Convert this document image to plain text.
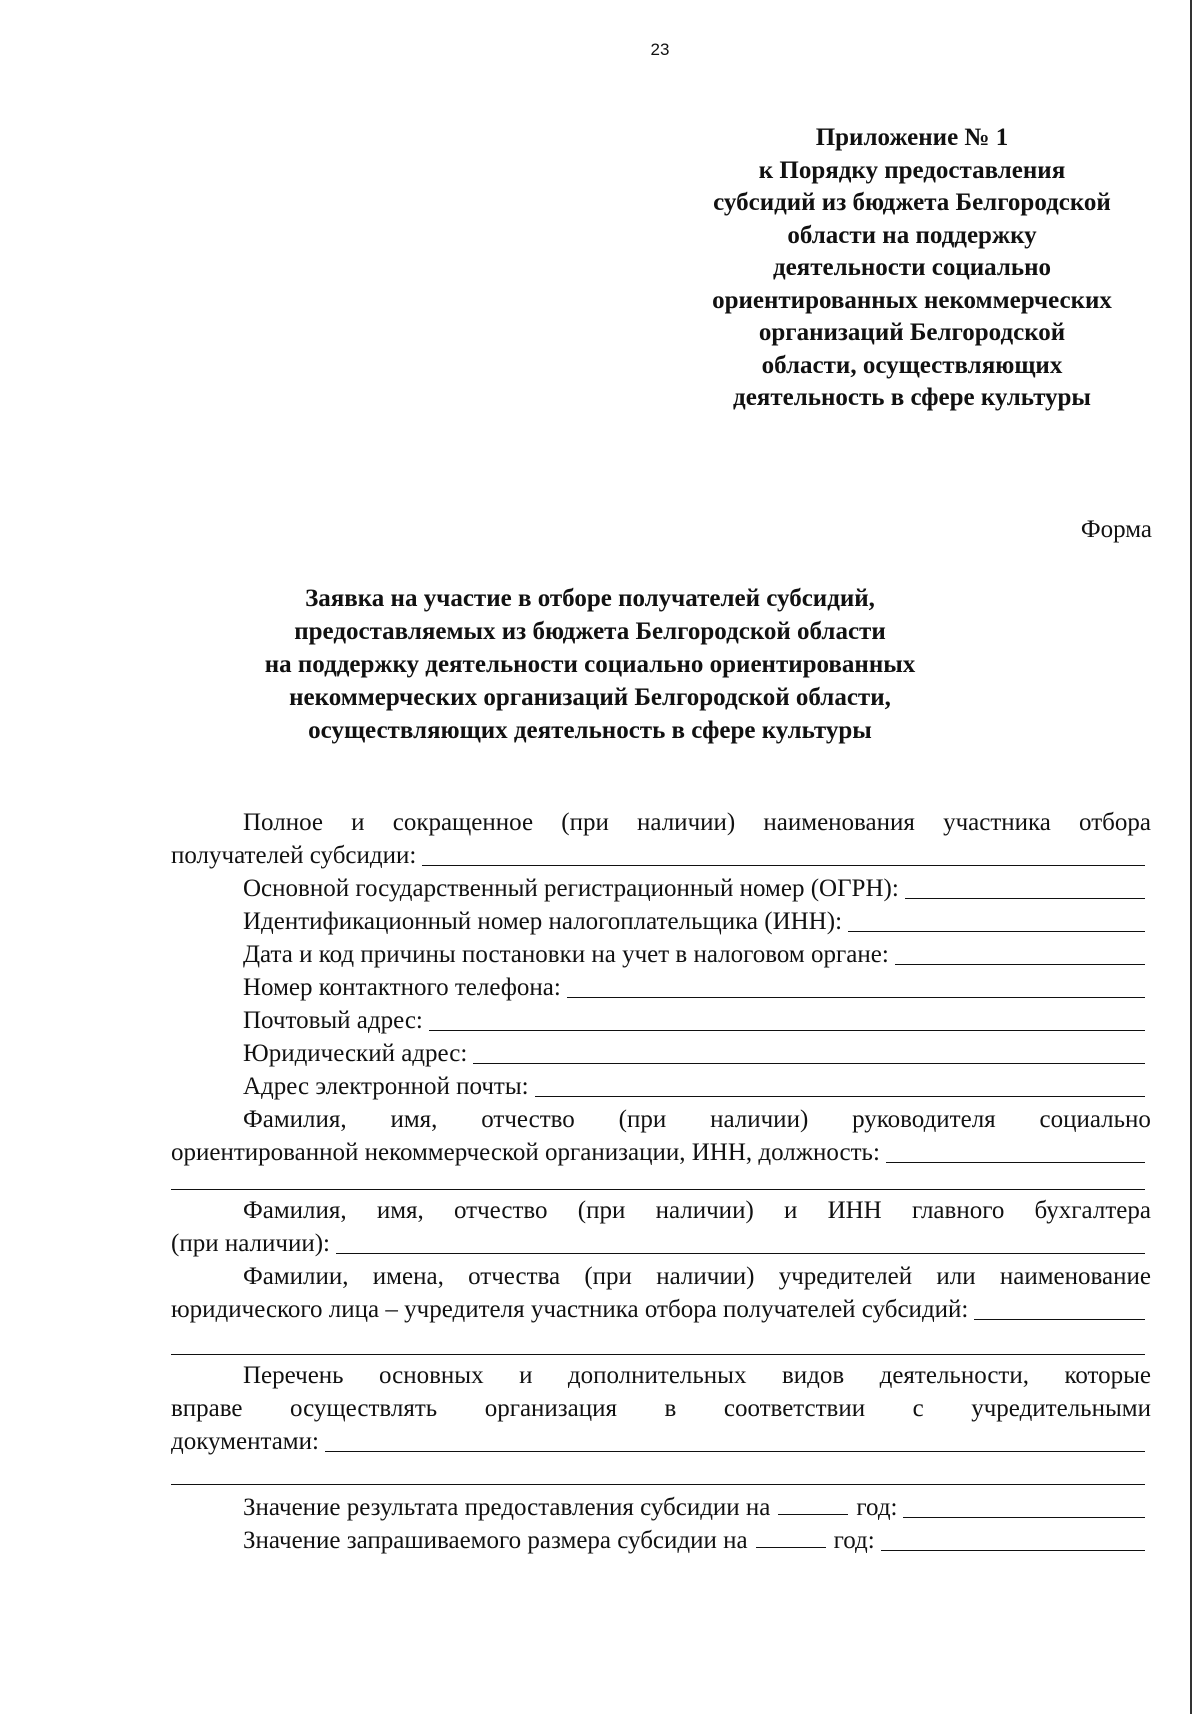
23
Приложение № 1
к Порядку предоставления
субсидий из бюджета Белгородской
области на поддержку
деятельности социально
ориентированных некоммерческих
организаций Белгородской
области, осуществляющих
деятельность в сфере культуры
Форма
Заявка на участие в отборе получателей субсидий,
предоставляемых из бюджета Белгородской области
на поддержку деятельности социально ориентированных
некоммерческих организаций Белгородской области,
осуществляющих деятельность в сфере культуры
Полное и сокращенное (при наличии) наименования участника отбора
получателей субсидии:
Основной государственный регистрационный номер (ОГРН):
Идентификационный номер налогоплательщика (ИНН):
Дата и код причины постановки на учет в налоговом органе:
Номер контактного телефона:
Почтовый адрес:
Юридический адрес:
Адрес электронной почты:
Фамилия, имя, отчество (при наличии) руководителя социально
ориентированной некоммерческой организации, ИНН, должность:
Фамилия, имя, отчество (при наличии) и ИНН главного бухгалтера
(при наличии):
Фамилии, имена, отчества (при наличии) учредителей или наименование
юридического лица – учредителя участника отбора получателей субсидий:
Перечень основных и дополнительных видов деятельности, которые
вправе осуществлять организация в соответствии с учредительными
документами:
Значение результата предоставления субсидии на	год:
Значение запрашиваемого размера субсидии на	год:
